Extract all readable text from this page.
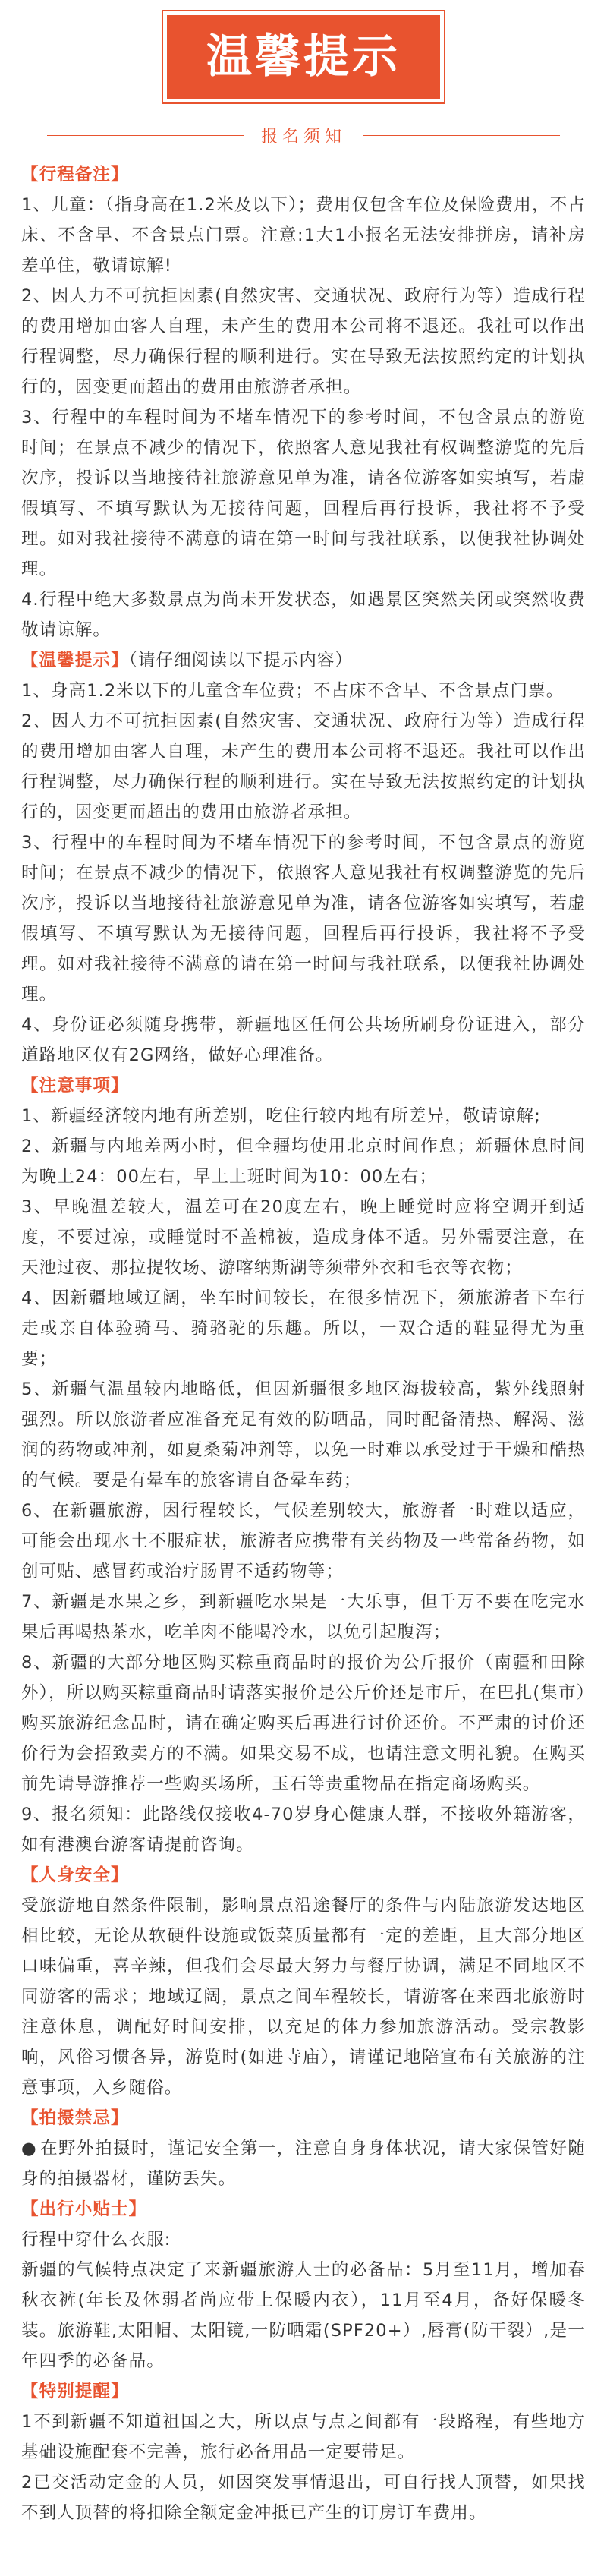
温馨提示
报名须知
【行程备注】

1、儿童：（指身高在1.2米及以下）；费用仅包含车位及保险费用，不占床、不含早、不含景点门票。注意:1大1小报名无法安排拼房，请补房差单住，敬请谅解!

2、因人力不可抗拒因素(自然灾害、交通状况、政府行为等）造成行程的费用增加由客人自理，未产生的费用本公司将不退还。我社可以作出行程调整，尽力确保行程的顺利进行。实在导致无法按照约定的计划执行的，因变更而超出的费用由旅游者承担。

3、行程中的车程时间为不堵车情况下的参考时间，不包含景点的游览时间；在景点不减少的情况下，依照客人意见我社有权调整游览的先后次序，投诉以当地接待社旅游意见单为准，请各位游客如实填写，若虚假填写、不填写默认为无接待问题，回程后再行投诉，我社将不予受理。如对我社接待不满意的请在第一时间与我社联系，以便我社协调处理。

4.行程中绝大多数景点为尚未开发状态，如遇景区突然关闭或突然收费敬请谅解。

【温馨提示】（请仔细阅读以下提示内容）

1、身高1.2米以下的儿童含车位费；不占床不含早、不含景点门票。

2、因人力不可抗拒因素(自然灾害、交通状况、政府行为等）造成行程的费用增加由客人自理，未产生的费用本公司将不退还。我社可以作出行程调整，尽力确保行程的顺利进行。实在导致无法按照约定的计划执行的，因变更而超出的费用由旅游者承担。

3、行程中的车程时间为不堵车情况下的参考时间，不包含景点的游览时间；在景点不减少的情况下，依照客人意见我社有权调整游览的先后次序，投诉以当地接待社旅游意见单为准，请各位游客如实填写，若虚假填写、不填写默认为无接待问题，回程后再行投诉，我社将不予受理。如对我社接待不满意的请在第一时间与我社联系，以便我社协调处理。

4、身份证必须随身携带，新疆地区任何公共场所刷身份证进入，部分道路地区仅有2G网络，做好心理准备。

【注意事项】

1、新疆经济较内地有所差别，吃住行较内地有所差异，敬请谅解;

2、新疆与内地差两小时，但全疆均使用北京时间作息；新疆休息时间为晚上24：00左右，早上上班时间为10：00左右；

3、早晚温差较大，温差可在20度左右，晚上睡觉时应将空调开到适度，不要过凉，或睡觉时不盖棉被，造成身体不适。另外需要注意，在天池过夜、那拉提牧场、游喀纳斯湖等须带外衣和毛衣等衣物；

4、因新疆地域辽阔，坐车时间较长，在很多情况下，须旅游者下车行走或亲自体验骑马、骑骆驼的乐趣。所以，一双合适的鞋显得尤为重要；

5、新疆气温虽较内地略低，但因新疆很多地区海拔较高，紫外线照射强烈。所以旅游者应准备充足有效的防晒品，同时配备清热、解渴、滋润的药物或冲剂，如夏桑菊冲剂等，以免一时难以承受过于干燥和酷热的气候。要是有晕车的旅客请自备晕车药；

6、在新疆旅游，因行程较长，气候差别较大，旅游者一时难以适应，可能会出现水土不服症状，旅游者应携带有关药物及一些常备药物，如创可贴、感冒药或治疗肠胃不适药物等；

7、新疆是水果之乡，到新疆吃水果是一大乐事，但千万不要在吃完水果后再喝热茶水，吃羊肉不能喝冷水，以免引起腹泻；

8、新疆的大部分地区购买粽重商品时的报价为公斤报价（南疆和田除外），所以购买粽重商品时请落实报价是公斤价还是市斤，在巴扎(集市）购买旅游纪念品时，请在确定购买后再进行讨价还价。不严肃的讨价还价行为会招致卖方的不满。如果交易不成，也请注意文明礼貌。在购买前先请导游推荐一些购买场所，玉石等贵重物品在指定商场购买。

9、报名须知：此路线仅接收4-70岁身心健康人群，不接收外籍游客，如有港澳台游客请提前咨询。

【人身安全】

受旅游地自然条件限制，影响景点沿途餐厅的条件与内陆旅游发达地区相比较，无论从软硬件设施或饭菜质量都有一定的差距，且大部分地区口味偏重，喜辛辣，但我们会尽最大努力与餐厅协调，满足不同地区不同游客的需求；地域辽阔，景点之间车程较长，请游客在来西北旅游时注意休息，调配好时间安排，以充足的体力参加旅游活动。受宗教影响，风俗习惯各异，游览时(如进寺庙），请谨记地陪宣布有关旅游的注意事项，入乡随俗。

【拍摄禁忌】

● 在野外拍摄时，谨记安全第一，注意自身身体状况，请大家保管好随身的拍摄器材，谨防丢失。

【出行小贴士】

行程中穿什么衣服:

新疆的气候特点决定了来新疆旅游人士的必备品：5月至11月，增加春秋衣裤(年长及体弱者尚应带上保暖内衣），11月至4月，备好保暖冬装。旅游鞋,太阳帽、太阳镜,一防晒霜(SPF20+）,唇膏(防干裂）,是一年四季的必备品。

【特别提醒】

1不到新疆不知道祖国之大，所以点与点之间都有一段路程，有些地方基础设施配套不完善，旅行必备用品一定要带足。

2已交活动定金的人员，如因突发事情退出，可自行找人顶替，如果找不到人顶替的将扣除全额定金冲抵已产生的订房订车费用。
